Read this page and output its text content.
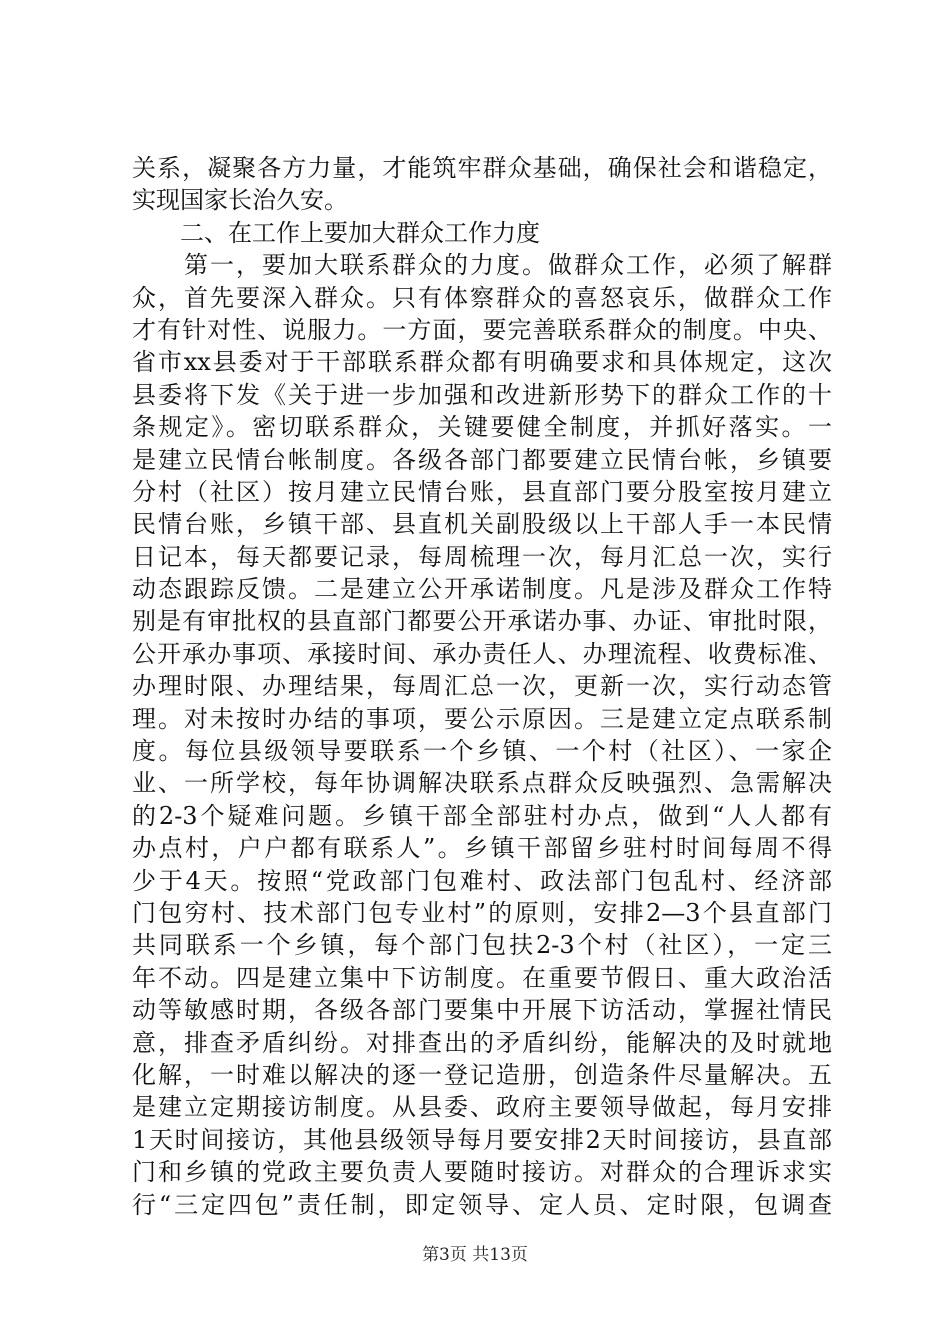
关系，凝聚各方力量，才能筑牢群众基础，确保社会和谐稳定，
实现国家长治久安。
　　二、在工作上要加大群众工作力度
　　第一，要加大联系群众的力度。做群众工作，必须了解群
众，首先要深入群众。只有体察群众的喜怒哀乐，做群众工作
才有针对性、说服力。一方面，要完善联系群众的制度。中央、
省市xx县委对于干部联系群众都有明确要求和具体规定，这次
县委将下发《关于进一步加强和改进新形势下的群众工作的十
条规定》。密切联系群众，关键要健全制度，并抓好落实。一
是建立民情台帐制度。各级各部门都要建立民情台帐，乡镇要
分村（社区）按月建立民情台账，县直部门要分股室按月建立
民情台账，乡镇干部、县直机关副股级以上干部人手一本民情
日记本，每天都要记录，每周梳理一次，每月汇总一次，实行
动态跟踪反馈。二是建立公开承诺制度。凡是涉及群众工作特
别是有审批权的县直部门都要公开承诺办事、办证、审批时限，
公开承办事项、承接时间、承办责任人、办理流程、收费标准、
办理时限、办理结果，每周汇总一次，更新一次，实行动态管
理。对未按时办结的事项，要公示原因。三是建立定点联系制
度。每位县级领导要联系一个乡镇、一个村（社区）、一家企
业、一所学校，每年协调解决联系点群众反映强烈、急需解决
的2-3个疑难问题。乡镇干部全部驻村办点，做到“人人都有
办点村，户户都有联系人”。乡镇干部留乡驻村时间每周不得
少于4天。按照“党政部门包难村、政法部门包乱村、经济部
门包穷村、技术部门包专业村”的原则，安排2—3个县直部门
共同联系一个乡镇，每个部门包扶2-3个村（社区），一定三
年不动。四是建立集中下访制度。在重要节假日、重大政治活
动等敏感时期，各级各部门要集中开展下访活动，掌握社情民
意，排查矛盾纠纷。对排查出的矛盾纠纷，能解决的及时就地
化解，一时难以解决的逐一登记造册，创造条件尽量解决。五
是建立定期接访制度。从县委、政府主要领导做起，每月安排
1天时间接访，其他县级领导每月要安排2天时间接访，县直部
门和乡镇的党政主要负责人要随时接访。对群众的合理诉求实
行“三定四包”责任制，即定领导、定人员、定时限，包调查
第3页 共13页
